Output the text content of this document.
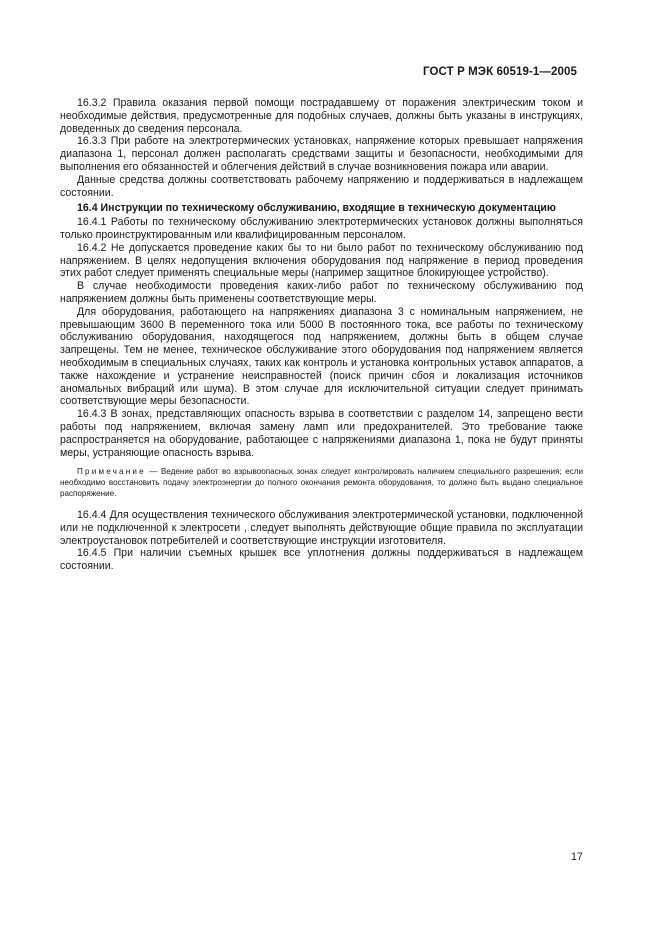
ГОСТ Р МЭК 60519-1—2005

16.3.2 Правила оказания первой помощи пострадавшему от поражения электрическим током и необходимые действия, предусмотренные для подобных случаев, должны быть указаны в инструкциях, доведенных до сведения персонала.

16.3.3 При работе на электротермических установках, напряжение которых превышает напряжения диапазона 1, персонал должен располагать средствами защиты и безопасности, необходимыми для выполнения его обязанностей и облегчения действий в случае возникновения пожара или аварии.

Данные средства должны соответствовать рабочему напряжению и поддерживаться в надлежащем состоянии.

16.4 Инструкции по техническому обслуживанию, входящие в техническую документацию

16.4.1 Работы по техническому обслуживанию электротермических установок должны выполняться только проинструктированным или квалифицированным персоналом.

16.4.2 Не допускается проведение каких бы то ни было работ по техническому обслуживанию под напряжением. В целях недопущения включения оборудования под напряжение в период проведения этих работ следует применять специальные меры (например защитное блокирующее устройство).

В случае необходимости проведения каких-либо работ по техническому обслуживанию под напряжением должны быть применены соответствующие меры.

Для оборудования, работающего на напряжениях диапазона 3 с номинальным напряжением, не превышающим 3600 В переменного тока или 5000 В постоянного тока, все работы по техническому обслуживанию оборудования, находящегося под напряжением, должны быть в общем случае запрещены. Тем не менее, техническое обслуживание этого оборудования под напряжением является необходимым в специальных случаях, таких как контроль и установка контрольных уставок аппаратов, а также нахождение и устранение неисправностей (поиск причин сбоя и локализация источников аномальных вибраций или шума). В этом случае для исключительной ситуации следует принимать соответствующие меры безопасности.

16.4.3 В зонах, представляющих опасность взрыва в соответствии с разделом 14, запрещено вести работы под напряжением, включая замену ламп или предохранителей. Это требование также распространяется на оборудование, работающее с напряжениями диапазона 1, пока не будут приняты меры, устраняющие опасность взрыва.

Примечание — Ведение работ во взрывоопасных зонах следует контролировать наличием специального разрешения; если необходимо восстановить подачу электроэнергии до полного окончания ремонта оборудования, то должно быть выдано специальное распоряжение.

16.4.4 Для осуществления технического обслуживания электротермической установки, подключенной или не подключенной к электросети , следует выполнять действующие общие правила по эксплуатации электроустановок потребителей и соответствующие инструкции изготовителя.

16.4.5 При наличии съемных крышек все уплотнения должны поддерживаться в надлежащем состоянии.

17
